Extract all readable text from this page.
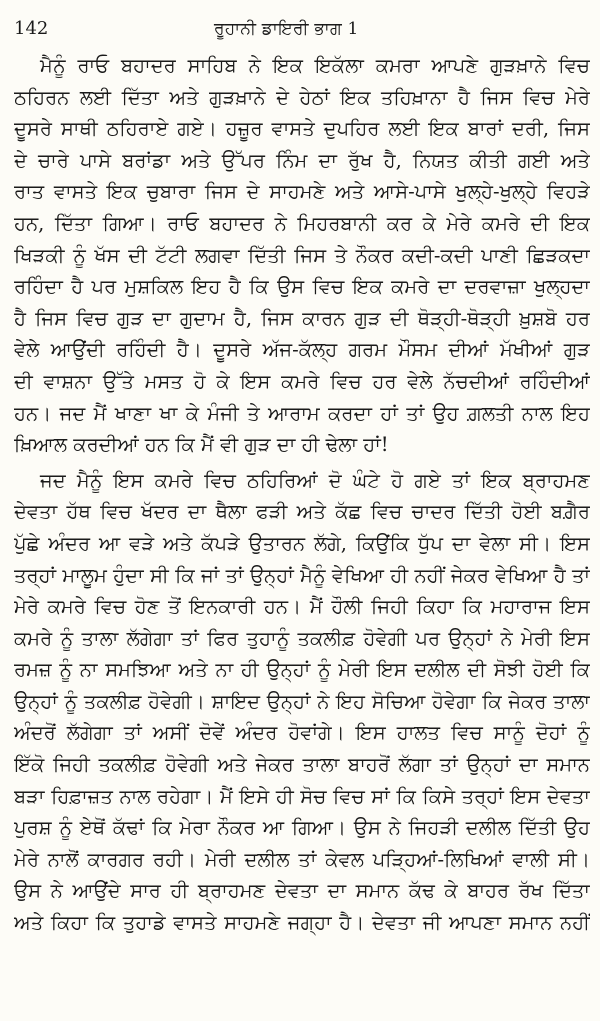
142	ਰੂਹਾਨੀ ਡਾਇਰੀ ਭਾਗ 1
ਮੈਨੂੰ ਰਾਓ ਬਹਾਦਰ ਸਾਹਿਬ ਨੇ ਇਕ ਇਕੱਲਾ ਕਮਰਾ ਆਪਣੇ ਗੁੜਖ਼ਾਨੇ ਵਿਚ
ਠਹਿਰਨ ਲਈ ਦਿੱਤਾ ਅਤੇ ਗੁੜਖ਼ਾਨੇ ਦੇ ਹੇਠਾਂ ਇਕ ਤਹਿਖ਼ਾਨਾ ਹੈ ਜਿਸ ਵਿਚ ਮੇਰੇ
ਦੂਸਰੇ ਸਾਥੀ ਠਹਿਰਾਏ ਗਏ। ਹਜ਼ੂਰ ਵਾਸਤੇ ਦੁਪਹਿਰ ਲਈ ਇਕ ਬਾਰਾਂ ਦਰੀ, ਜਿਸ
ਦੇ ਚਾਰੇ ਪਾਸੇ ਬਰਾਂਡਾ ਅਤੇ ਉੱਪਰ ਨਿੰਮ ਦਾ ਰੁੱਖ ਹੈ, ਨਿਯਤ ਕੀਤੀ ਗਈ ਅਤੇ
ਰਾਤ ਵਾਸਤੇ ਇਕ ਚੁਬਾਰਾ ਜਿਸ ਦੇ ਸਾਹਮਣੇ ਅਤੇ ਆਸੇ-ਪਾਸੇ ਖੁਲ੍ਹੇ-ਖੁਲ੍ਹੇ ਵਿਹੜੇ
ਹਨ, ਦਿੱਤਾ ਗਿਆ। ਰਾਓ ਬਹਾਦਰ ਨੇ ਮਿਹਰਬਾਨੀ ਕਰ ਕੇ ਮੇਰੇ ਕਮਰੇ ਦੀ ਇਕ
ਖਿੜਕੀ ਨੂੰ ਖੱਸ ਦੀ ਟੱਟੀ ਲਗਵਾ ਦਿੱਤੀ ਜਿਸ ਤੇ ਨੌਕਰ ਕਦੀ-ਕਦੀ ਪਾਣੀ ਛਿੜਕਦਾ
ਰਹਿੰਦਾ ਹੈ ਪਰ ਮੁਸ਼ਕਿਲ ਇਹ ਹੈ ਕਿ ਉਸ ਵਿਚ ਇਕ ਕਮਰੇ ਦਾ ਦਰਵਾਜ਼ਾ ਖੁਲ੍ਹਦਾ
ਹੈ ਜਿਸ ਵਿਚ ਗੁੜ ਦਾ ਗੁਦਾਮ ਹੈ, ਜਿਸ ਕਾਰਨ ਗੁੜ ਦੀ ਥੋੜ੍ਹੀ-ਥੋੜ੍ਹੀ ਖ਼ੁਸ਼ਬੋ ਹਰ
ਵੇਲੇ ਆਉਂਦੀ ਰਹਿੰਦੀ ਹੈ। ਦੂਸਰੇ ਅੱਜ-ਕੱਲ੍ਹ ਗਰਮ ਮੌਸਮ ਦੀਆਂ ਮੱਖੀਆਂ ਗੁੜ
ਦੀ ਵਾਸ਼ਨਾ ਉੱਤੇ ਮਸਤ ਹੋ ਕੇ ਇਸ ਕਮਰੇ ਵਿਚ ਹਰ ਵੇਲੇ ਨੱਚਦੀਆਂ ਰਹਿੰਦੀਆਂ
ਹਨ। ਜਦ ਮੈਂ ਖਾਣਾ ਖਾ ਕੇ ਮੰਜੀ ਤੇ ਆਰਾਮ ਕਰਦਾ ਹਾਂ ਤਾਂ ਉਹ ਗ਼ਲਤੀ ਨਾਲ ਇਹ
ਖ਼ਿਆਲ ਕਰਦੀਆਂ ਹਨ ਕਿ ਮੈਂ ਵੀ ਗੁੜ ਦਾ ਹੀ ਢੇਲਾ ਹਾਂ!
ਜਦ ਮੈਨੂੰ ਇਸ ਕਮਰੇ ਵਿਚ ਠਹਿਰਿਆਂ ਦੋ ਘੰਟੇ ਹੋ ਗਏ ਤਾਂ ਇਕ ਬ੍ਰਾਹਮਣ
ਦੇਵਤਾ ਹੱਥ ਵਿਚ ਖੱਦਰ ਦਾ ਥੈਲਾ ਫੜੀ ਅਤੇ ਕੱਛ ਵਿਚ ਚਾਦਰ ਦਿੱਤੀ ਹੋਈ ਬਗ਼ੈਰ
ਪੁੱਛੇ ਅੰਦਰ ਆ ਵੜੇ ਅਤੇ ਕੱਪੜੇ ਉਤਾਰਨ ਲੱਗੇ, ਕਿਉਂਕਿ ਧੁੱਪ ਦਾ ਵੇਲਾ ਸੀ। ਇਸ
ਤਰ੍ਹਾਂ ਮਾਲੂਮ ਹੁੰਦਾ ਸੀ ਕਿ ਜਾਂ ਤਾਂ ਉਨ੍ਹਾਂ ਮੈਨੂੰ ਵੇਖਿਆ ਹੀ ਨਹੀਂ ਜੇਕਰ ਵੇਖਿਆ ਹੈ ਤਾਂ
ਮੇਰੇ ਕਮਰੇ ਵਿਚ ਹੋਣ ਤੋਂ ਇਨਕਾਰੀ ਹਨ। ਮੈਂ ਹੌਲੀ ਜਿਹੀ ਕਿਹਾ ਕਿ ਮਹਾਰਾਜ ਇਸ
ਕਮਰੇ ਨੂੰ ਤਾਲਾ ਲੱਗੇਗਾ ਤਾਂ ਫਿਰ ਤੁਹਾਨੂੰ ਤਕਲੀਫ਼ ਹੋਵੇਗੀ ਪਰ ਉਨ੍ਹਾਂ ਨੇ ਮੇਰੀ ਇਸ
ਰਮਜ਼ ਨੂੰ ਨਾ ਸਮਝਿਆ ਅਤੇ ਨਾ ਹੀ ਉਨ੍ਹਾਂ ਨੂੰ ਮੇਰੀ ਇਸ ਦਲੀਲ ਦੀ ਸੋਝੀ ਹੋਈ ਕਿ
ਉਨ੍ਹਾਂ ਨੂੰ ਤਕਲੀਫ਼ ਹੋਵੇਗੀ। ਸ਼ਾਇਦ ਉਨ੍ਹਾਂ ਨੇ ਇਹ ਸੋਚਿਆ ਹੋਵੇਗਾ ਕਿ ਜੇਕਰ ਤਾਲਾ
ਅੰਦਰੋਂ ਲੱਗੇਗਾ ਤਾਂ ਅਸੀਂ ਦੋਵੇਂ ਅੰਦਰ ਹੋਵਾਂਗੇ। ਇਸ ਹਾਲਤ ਵਿਚ ਸਾਨੂੰ ਦੋਹਾਂ ਨੂੰ
ਇੱਕੋ ਜਿਹੀ ਤਕਲੀਫ਼ ਹੋਵੇਗੀ ਅਤੇ ਜੇਕਰ ਤਾਲਾ ਬਾਹਰੋਂ ਲੱਗਾ ਤਾਂ ਉਨ੍ਹਾਂ ਦਾ ਸਮਾਨ
ਬੜਾ ਹਿਫ਼ਾਜ਼ਤ ਨਾਲ ਰਹੇਗਾ। ਮੈਂ ਇਸੇ ਹੀ ਸੋਚ ਵਿਚ ਸਾਂ ਕਿ ਕਿਸੇ ਤਰ੍ਹਾਂ ਇਸ ਦੇਵਤਾ
ਪੁਰਸ਼ ਨੂੰ ਏਥੋਂ ਕੱਢਾਂ ਕਿ ਮੇਰਾ ਨੌਕਰ ਆ ਗਿਆ। ਉਸ ਨੇ ਜਿਹੜੀ ਦਲੀਲ ਦਿੱਤੀ ਉਹ
ਮੇਰੇ ਨਾਲੋਂ ਕਾਰਗਰ ਰਹੀ। ਮੇਰੀ ਦਲੀਲ ਤਾਂ ਕੇਵਲ ਪੜ੍ਹਿਆਂ-ਲਿਖਿਆਂ ਵਾਲੀ ਸੀ।
ਉਸ ਨੇ ਆਉਂਦੇ ਸਾਰ ਹੀ ਬ੍ਰਾਹਮਣ ਦੇਵਤਾ ਦਾ ਸਮਾਨ ਕੱਢ ਕੇ ਬਾਹਰ ਰੱਖ ਦਿੱਤਾ
ਅਤੇ ਕਿਹਾ ਕਿ ਤੁਹਾਡੇ ਵਾਸਤੇ ਸਾਹਮਣੇ ਜਗ੍ਹਾ ਹੈ। ਦੇਵਤਾ ਜੀ ਆਪਣਾ ਸਮਾਨ ਨਹੀਂ
